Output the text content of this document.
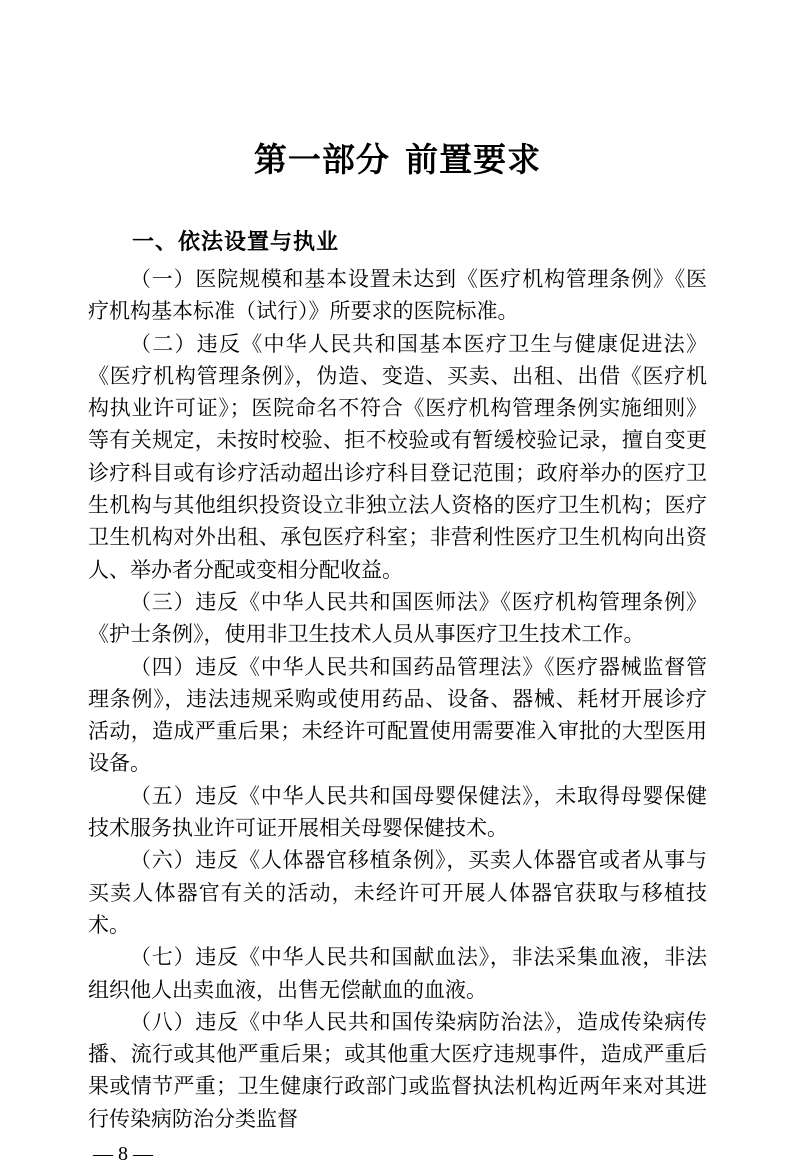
第一部分 前置要求
一、依法设置与执业

（一）医院规模和基本设置未达到《医疗机构管理条例》《医疗机构基本标准（试行）》所要求的医院标准。

（二）违反《中华人民共和国基本医疗卫生与健康促进法》《医疗机构管理条例》，伪造、变造、买卖、出租、出借《医疗机构执业许可证》；医院命名不符合《医疗机构管理条例实施细则》等有关规定，未按时校验、拒不校验或有暂缓校验记录，擅自变更诊疗科目或有诊疗活动超出诊疗科目登记范围；政府举办的医疗卫生机构与其他组织投资设立非独立法人资格的医疗卫生机构；医疗卫生机构对外出租、承包医疗科室；非营利性医疗卫生机构向出资人、举办者分配或变相分配收益。

（三）违反《中华人民共和国医师法》《医疗机构管理条例》《护士条例》，使用非卫生技术人员从事医疗卫生技术工作。

（四）违反《中华人民共和国药品管理法》《医疗器械监督管理条例》，违法违规采购或使用药品、设备、器械、耗材开展诊疗活动，造成严重后果；未经许可配置使用需要准入审批的大型医用设备。

（五）违反《中华人民共和国母婴保健法》，未取得母婴保健技术服务执业许可证开展相关母婴保健技术。

（六）违反《人体器官移植条例》，买卖人体器官或者从事与买卖人体器官有关的活动，未经许可开展人体器官获取与移植技术。

（七）违反《中华人民共和国献血法》，非法采集血液，非法组织他人出卖血液，出售无偿献血的血液。

（八）违反《中华人民共和国传染病防治法》，造成传染病传播、流行或其他严重后果；或其他重大医疗违规事件，造成严重后果或情节严重；卫生健康行政部门或监督执法机构近两年来对其进行传染病防治分类监督

— 8 —
